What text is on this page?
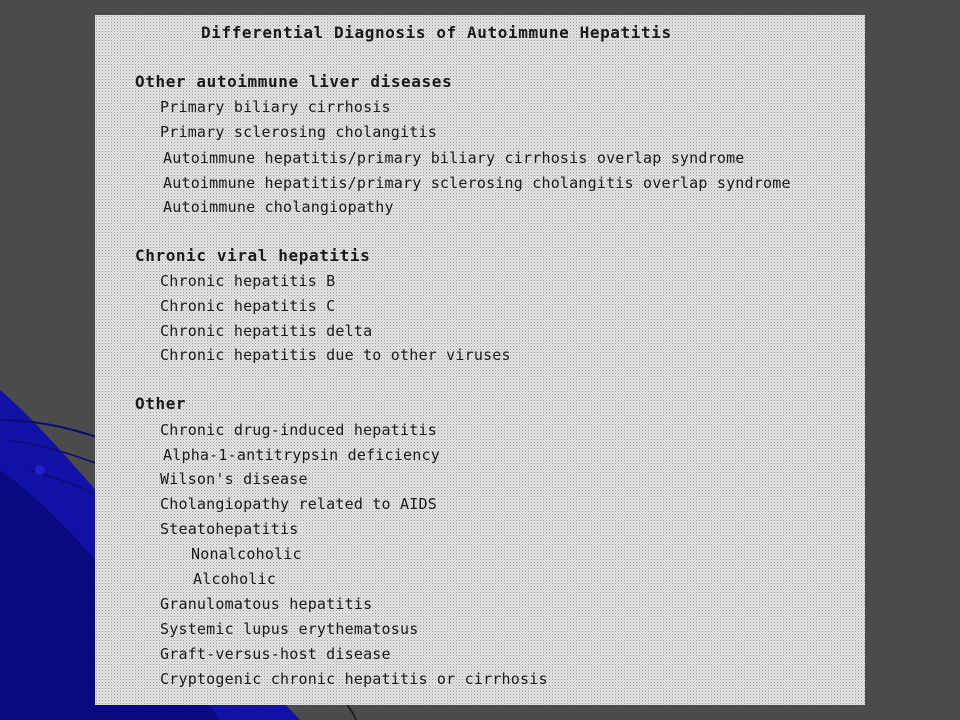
Differential Diagnosis of Autoimmune Hepatitis
Other autoimmune liver diseases
Primary biliary cirrhosis
Primary sclerosing cholangitis
Autoimmune hepatitis/primary biliary cirrhosis overlap syndrome
Autoimmune hepatitis/primary sclerosing cholangitis overlap syndrome
Autoimmune cholangiopathy
Chronic viral hepatitis
Chronic hepatitis B
Chronic hepatitis C
Chronic hepatitis delta
Chronic hepatitis due to other viruses
Other
Chronic drug-induced hepatitis
Alpha-1-antitrypsin deficiency
Wilson's disease
Cholangiopathy related to AIDS
Steatohepatitis
Nonalcoholic
Alcoholic
Granulomatous hepatitis
Systemic lupus erythematosus
Graft-versus-host disease
Cryptogenic chronic hepatitis or cirrhosis
